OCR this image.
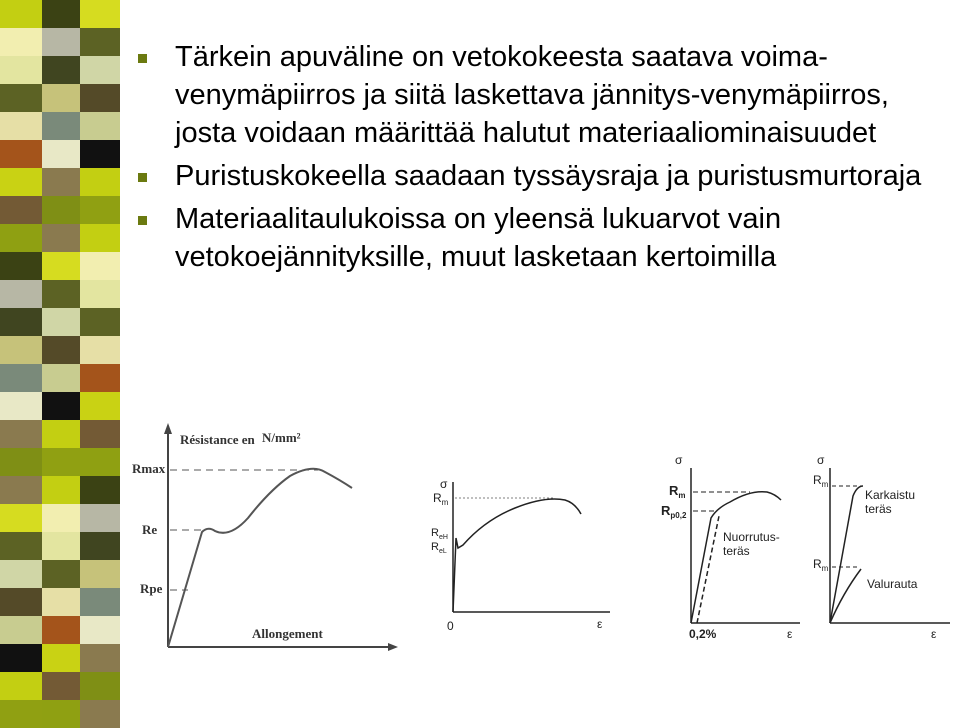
Tärkein apuväline on vetokokeesta saatava voima-venymäpiirros ja siitä laskettava jännitys-venymäpiirros, josta voidaan määrittää halutut materiaaliominaisuudet
Puristuskokeella saadaan tyssäysraja ja puristusmurtoraja
Materiaalitaulukoissa on yleensä lukuarvot vain vetokoejännityksille, muut lasketaan kertoimilla
Résistance en N/mm²
Rmax
Re
Rpe
Allongement
σ
$R_m$
$R_{eH}$
$R_{eL}$
0	ε
σ
$R_m$
$R_{p0,2}$
Nuorrutus-
teräs
0,2%	ε
σ
$R_m$
$R_m$
Karkaistu
teräs
Valurauta
ε
